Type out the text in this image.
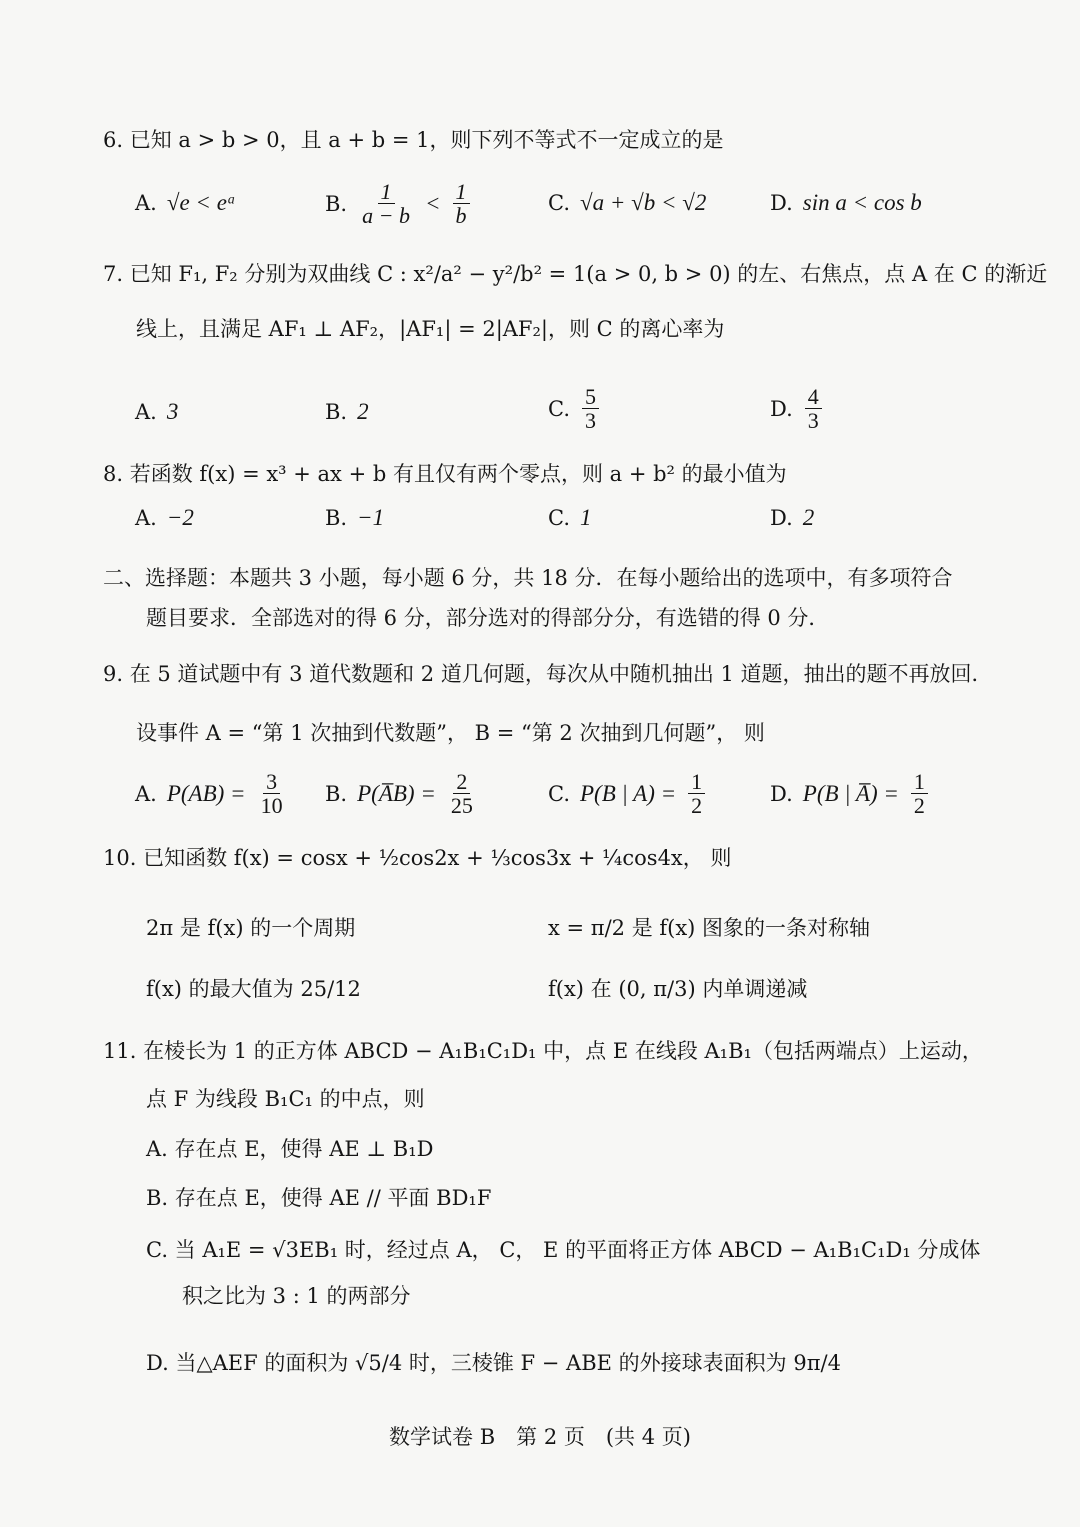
6. 已知 a > b > 0，且 a + b = 1，则下列不等式不一定成立的是
A. √e < eᵃ	B. $\frac{1}{a - b} < \frac{1}{b}$	C. √a + √b < √2	D. sin a < cos b
7. 已知 F₁, F₂ 分别为双曲线 C : x²/a² − y²/b² = 1(a > 0, b > 0) 的左、右焦点，点 A 在 C 的渐近
线上，且满足 AF₁ ⊥ AF₂，|AF₁| = 2|AF₂|，则 C 的离心率为
A. 3	B. 2	C. $\frac{5}{3}$	D. $\frac{4}{3}$
8. 若函数 f(x) = x³ + ax + b 有且仅有两个零点，则 a + b² 的最小值为
A. −2	B. −1	C. 1	D. 2
二、选择题：本题共 3 小题，每小题 6 分，共 18 分．在每小题给出的选项中，有多项符合
题目要求．全部选对的得 6 分，部分选对的得部分分，有选错的得 0 分．
9. 在 5 道试题中有 3 道代数题和 2 道几何题，每次从中随机抽出 1 道题，抽出的题不再放回．
设事件 A = “第 1 次抽到代数题”， B = “第 2 次抽到几何题”， 则
A. $P(AB) = \frac{3}{10} B$. P(A̅B) = $\frac{2}{25}$	C. P(B | $A) = \frac{1}{2}$	D. P(B | A̅) = $\frac{1}{2}$
10. 已知函数 f(x) = cosx + ½cos2x + ⅓cos3x + ¼cos4x， 则
2π 是 f(x) 的一个周期	x = π/2 是 f(x) 图象的一条对称轴
f(x) 的最大值为 25/12	f(x) 在 (0, π/3) 内单调递减
11. 在棱长为 1 的正方体 ABCD − A₁B₁C₁D₁ 中，点 E 在线段 A₁B₁（包括两端点）上运动，
点 F 为线段 B₁C₁ 的中点，则
A. 存在点 E，使得 AE ⊥ B₁D
B. 存在点 E，使得 AE // 平面 BD₁F
C. 当 A₁E = √3EB₁ 时，经过点 A， C， E 的平面将正方体 ABCD − A₁B₁C₁D₁ 分成体
积之比为 3 : 1 的两部分
D. 当△AEF 的面积为 √5/4 时，三棱锥 F − ABE 的外接球表面积为 9π/4
数学试卷 B　第 2 页　(共 4 页)
